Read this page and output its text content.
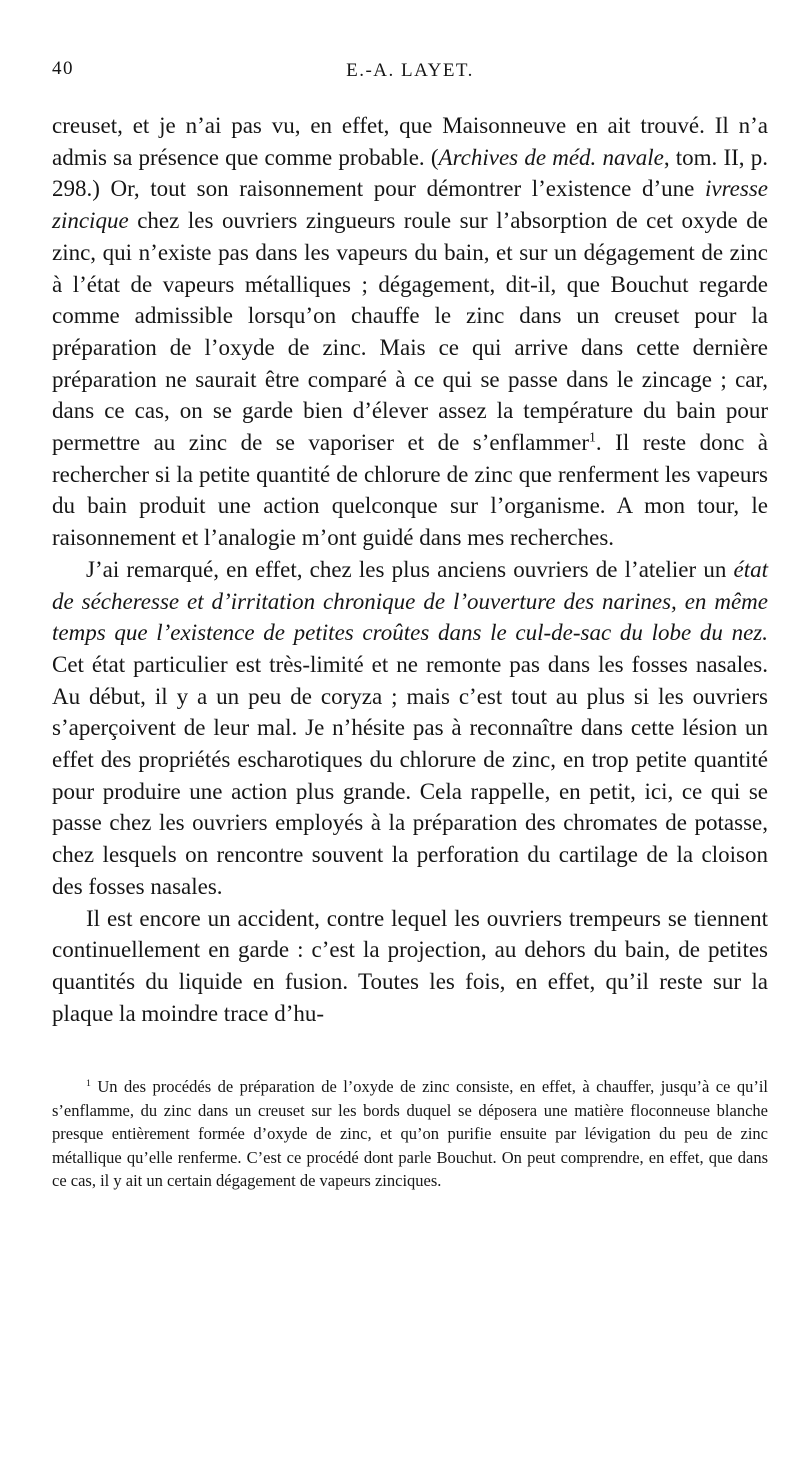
40	E.-A. LAYET.

creuset, et je n’ai pas vu, en effet, que Maisonneuve en ait trouvé. Il n’a admis sa présence que comme probable. (Archives de méd. navale, tom. II, p. 298.) Or, tout son raisonnement pour démontrer l’existence d’une ivresse zincique chez les ouvriers zingueurs roule sur l’absorption de cet oxyde de zinc, qui n’existe pas dans les vapeurs du bain, et sur un dégagement de zinc à l’état de vapeurs métalliques ; dégagement, dit-il, que Bouchut regarde comme admissible lorsqu’on chauffe le zinc dans un creuset pour la préparation de l’oxyde de zinc. Mais ce qui arrive dans cette dernière préparation ne saurait être comparé à ce qui se passe dans le zincage ; car, dans ce cas, on se garde bien d’élever assez la température du bain pour permettre au zinc de se vaporiser et de s’enflammer$^1$. Il reste donc à rechercher si la petite quantité de chlorure de zinc que renferment les vapeurs du bain produit une action quelconque sur l’organisme. A mon tour, le raisonnement et l’analogie m’ont guidé dans mes recherches.

J’ai remarqué, en effet, chez les plus anciens ouvriers de l’atelier un état de sécheresse et d’irritation chronique de l’ouverture des narines, en même temps que l’existence de petites croûtes dans le cul-de-sac du lobe du nez. Cet état particulier est très-limité et ne remonte pas dans les fosses nasales. Au début, il y a un peu de coryza ; mais c’est tout au plus si les ouvriers s’aperçoivent de leur mal. Je n’hésite pas à reconnaître dans cette lésion un effet des propriétés escharotiques du chlorure de zinc, en trop petite quantité pour produire une action plus grande. Cela rappelle, en petit, ici, ce qui se passe chez les ouvriers employés à la préparation des chromates de potasse, chez lesquels on rencontre souvent la perforation du cartilage de la cloison des fosses nasales.

Il est encore un accident, contre lequel les ouvriers trempeurs se tiennent continuellement en garde : c’est la projection, au dehors du bain, de petites quantités du liquide en fusion. Toutes les fois, en effet, qu’il reste sur la plaque la moindre trace d’hu-

$^1$ Un des procédés de préparation de l’oxyde de zinc consiste, en effet, à chauffer, jusqu’à ce qu’il s’enflamme, du zinc dans un creuset sur les bords duquel se déposera une matière floconneuse blanche presque entièrement formée d’oxyde de zinc, et qu’on purifie ensuite par lévigation du peu de zinc métallique qu’elle renferme. C’est ce procédé dont parle Bouchut. On peut comprendre, en effet, que dans ce cas, il y ait un certain dégagement de vapeurs zinciques.
